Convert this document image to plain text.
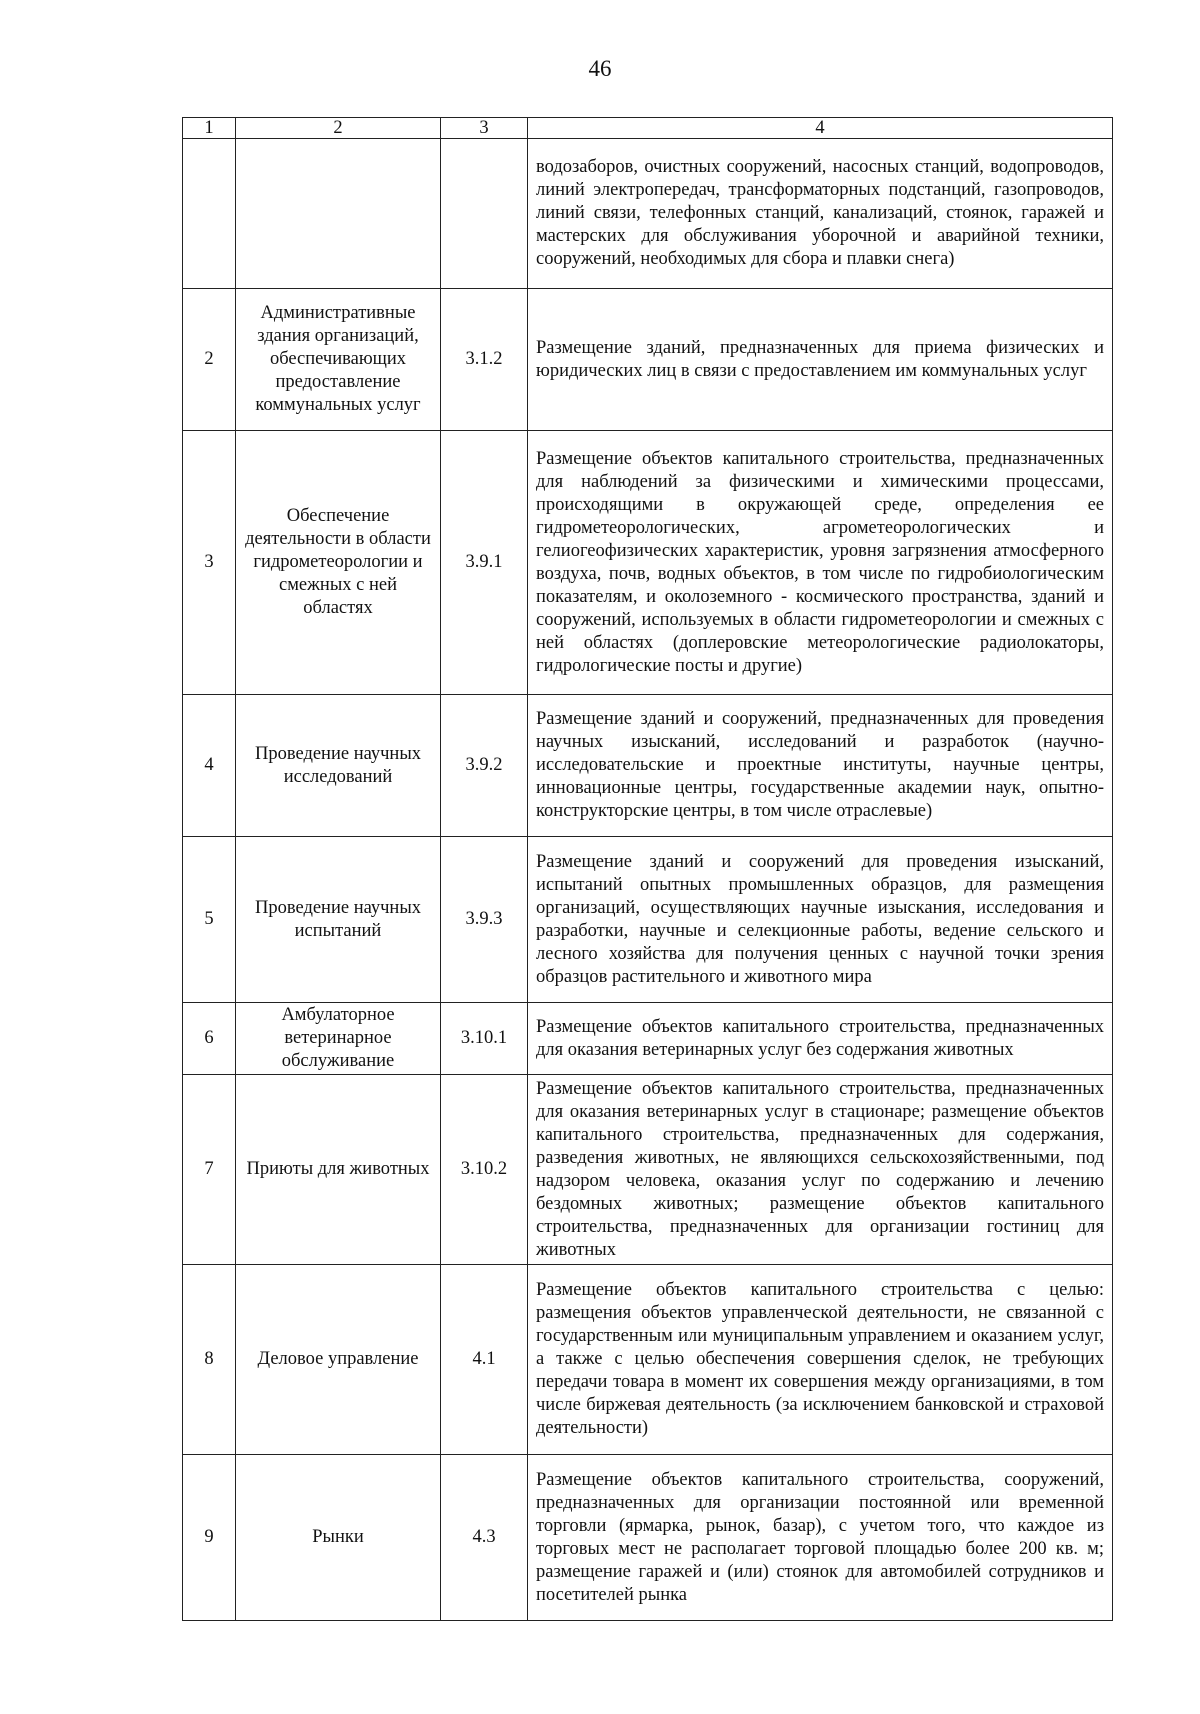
46
1	2	3	4
			водозаборов, очистных сооружений, насосных станций, водопроводов, линий электропередач, трансформаторных подстанций, газопроводов, линий связи, телефонных станций, канализаций, стоянок, гаражей и мастерских для обслуживания уборочной и аварийной техники, сооружений, необходимых для сбора и плавки снега)
2	Административные здания организаций, обеспечивающих предоставление коммунальных услуг	3.1.2	Размещение зданий, предназначенных для приема физических и юридических лиц в связи с предоставлением им коммунальных услуг
3	Обеспечение деятельности в области гидрометеорологии и смежных с ней областях	3.9.1	Размещение объектов капитального строительства, предназначенных для наблюдений за физическими и химическими процессами, происходящими в окружающей среде, определения ее гидрометеорологических, агрометеорологических и гелиогеофизических характеристик, уровня загрязнения атмосферного воздуха, почв, водных объектов, в том числе по гидробиологическим показателям, и околоземного - космического пространства, зданий и сооружений, используемых в области гидрометеорологии и смежных с ней областях (доплеровские метеорологические радиолокаторы, гидрологические посты и другие)
4	Проведение научных исследований	3.9.2	Размещение зданий и сооружений, предназначенных для проведения научных изысканий, исследований и разработок (научно-исследовательские и проектные институты, научные центры, инновационные центры, государственные академии наук, опытно-конструкторские центры, в том числе отраслевые)
5	Проведение научных испытаний	3.9.3	Размещение зданий и сооружений для проведения изысканий, испытаний опытных промышленных образцов, для размещения организаций, осуществляющих научные изыскания, исследования и разработки, научные и селекционные работы, ведение сельского и лесного хозяйства для получения ценных с научной точки зрения образцов растительного и животного мира
6	Амбулаторное ветеринарное обслуживание	3.10.1	Размещение объектов капитального строительства, предназначенных для оказания ветеринарных услуг без содержания животных
7	Приюты для животных	3.10.2	Размещение объектов капитального строительства, предназначенных для оказания ветеринарных услуг в стационаре; размещение объектов капитального строительства, предназначенных для содержания, разведения животных, не являющихся сельскохозяйственными, под надзором человека, оказания услуг по содержанию и лечению бездомных животных; размещение объектов капитального строительства, предназначенных для организации гостиниц для животных
8	Деловое управление	4.1	Размещение объектов капитального строительства с целью: размещения объектов управленческой деятельности, не связанной с государственным или муниципальным управлением и оказанием услуг, а также с целью обеспечения совершения сделок, не требующих передачи товара в момент их совершения между организациями, в том числе биржевая деятельность (за исключением банковской и страховой деятельности)
9	Рынки	4.3	Размещение объектов капитального строительства, сооружений, предназначенных для организации постоянной или временной торговли (ярмарка, рынок, базар), с учетом того, что каждое из торговых мест не располагает торговой площадью более 200 кв. м; размещение гаражей и (или) стоянок для автомобилей сотрудников и посетителей рынка
